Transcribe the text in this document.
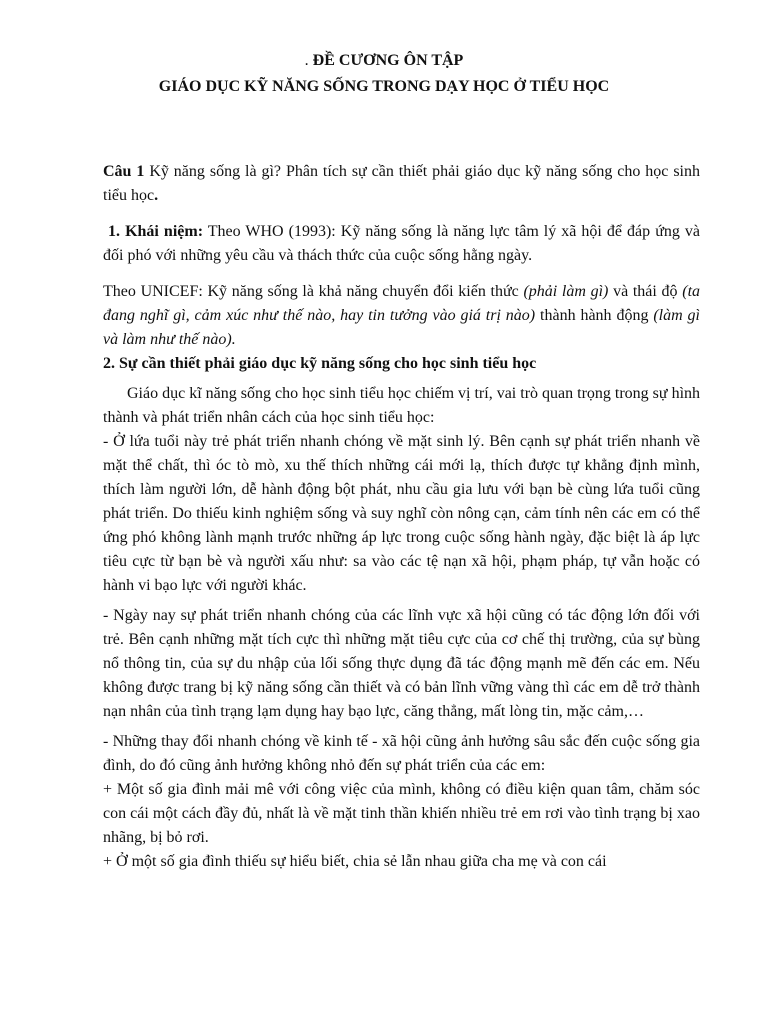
. ĐỀ CƯƠNG ÔN TẬP
GIÁO DỤC KỸ NĂNG SỐNG TRONG DẠY HỌC Ở TIỂU HỌC

Câu 1 Kỹ năng sống là gì? Phân tích sự cần thiết phải giáo dục kỹ năng sống cho học sinh tiểu học.

1. Khái niệm: Theo WHO (1993): Kỹ năng sống là năng lực tâm lý xã hội để đáp ứng và đối phó với những yêu cầu và thách thức của cuộc sống hằng ngày.

Theo UNICEF: Kỹ năng sống là khả năng chuyển đổi kiến thức (phải làm gì) và thái độ (ta đang nghĩ gì, cảm xúc như thế nào, hay tin tưởng vào giá trị nào) thành hành động (làm gì và làm như thế nào).

2. Sự cần thiết phải giáo dục kỹ năng sống cho học sinh tiểu học

Giáo dục kĩ năng sống cho học sinh tiểu học chiếm vị trí, vai trò quan trọng trong sự hình thành và phát triển nhân cách của học sinh tiểu học:

- Ở lứa tuổi này trẻ phát triển nhanh chóng về mặt sinh lý. Bên cạnh sự phát triển nhanh về mặt thể chất, thì óc tò mò, xu thế thích những cái mới lạ, thích được tự khẳng định mình, thích làm người lớn, dễ hành động bột phát, nhu cầu gia lưu với bạn bè cùng lứa tuổi cũng phát triển. Do thiếu kinh nghiệm sống và suy nghĩ còn nông cạn, cảm tính nên các em có thể ứng phó không lành mạnh trước những áp lực trong cuộc sống hành ngày, đặc biệt là áp lực tiêu cực từ bạn bè và người xấu như: sa vào các tệ nạn xã hội, phạm pháp, tự vẫn hoặc có hành vi bạo lực với người khác.

- Ngày nay sự phát triển nhanh chóng của các lĩnh vực xã hội cũng có tác động lớn đối với trẻ. Bên cạnh những mặt tích cực thì những mặt tiêu cực của cơ chế thị trường, của sự bùng nổ thông tin, của sự du nhập của lối sống thực dụng đã tác động mạnh mẽ đến các em. Nếu không được trang bị kỹ năng sống cần thiết và có bản lĩnh vững vàng thì các em dễ trở thành nạn nhân của tình trạng lạm dụng hay bạo lực, căng thẳng, mất lòng tin, mặc cảm,…

- Những thay đổi nhanh chóng về kinh tế - xã hội cũng ảnh hưởng sâu sắc đến cuộc sống gia đình, do đó cũng ảnh hưởng không nhỏ đến sự phát triển của các em:

+ Một số gia đình mải mê với công việc của mình, không có điều kiện quan tâm, chăm sóc con cái một cách đầy đủ, nhất là về mặt tinh thần khiến nhiều trẻ em rơi vào tình trạng bị xao nhãng, bị bỏ rơi.

+ Ở một số gia đình thiếu sự hiểu biết, chia sẻ lẫn nhau giữa cha mẹ và con cái
